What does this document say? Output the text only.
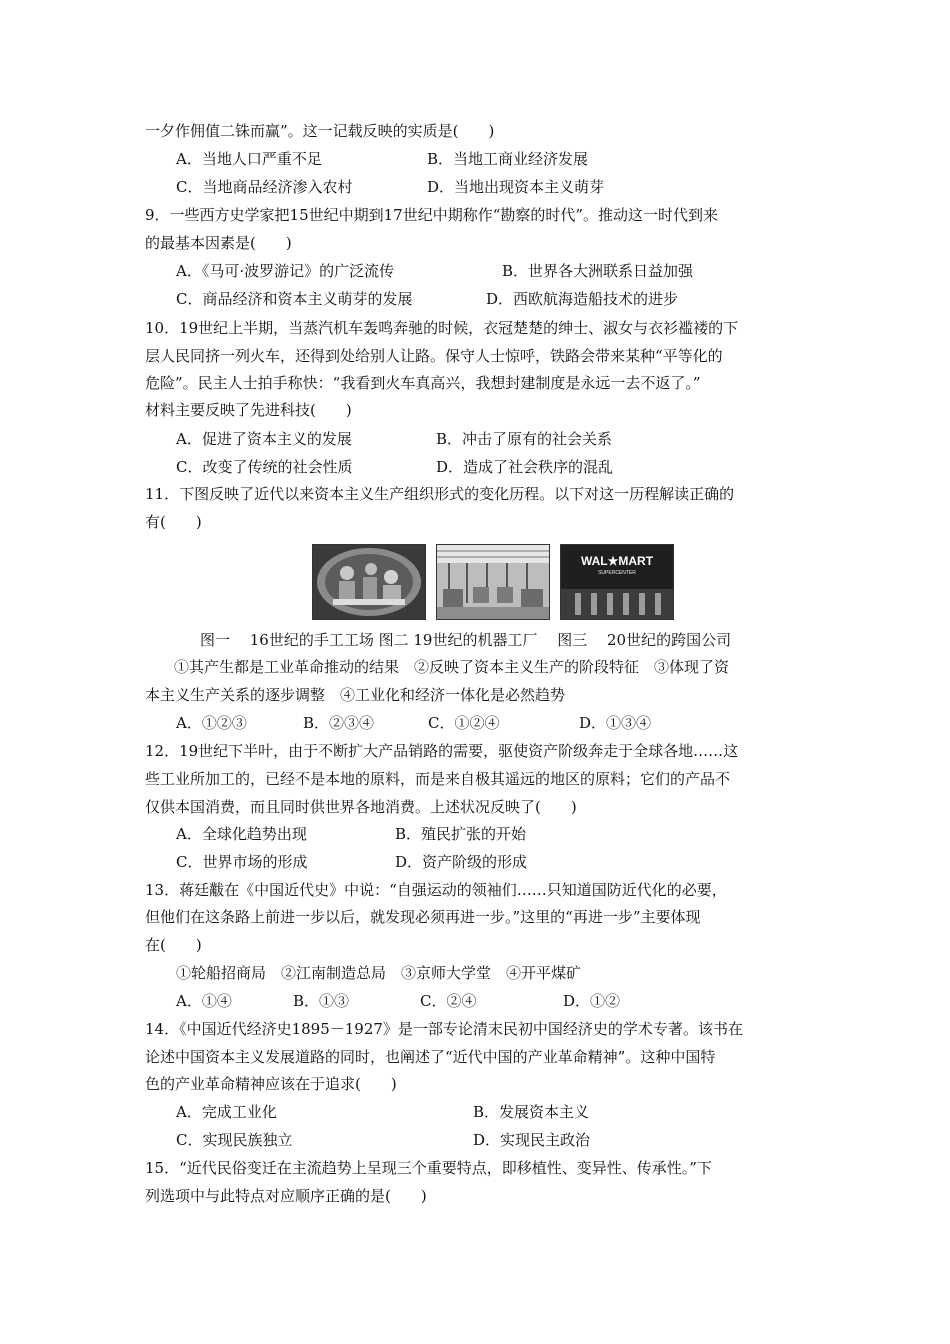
一夕作佣值二铢而赢”。这一记载反映的实质是(　　)
A．当地人口严重不足	B．当地工商业经济发展
C．当地商品经济渗入农村	D．当地出现资本主义萌芽
9．一些西方史学家把15世纪中期到17世纪中期称作“勘察的时代”。推动这一时代到来
的最基本因素是(　　)
A．《马可·波罗游记》的广泛流传	B．世界各大洲联系日益加强
C．商品经济和资本主义萌芽的发展	D．西欧航海造船技术的进步
10．19世纪上半期，当蒸汽机车轰鸣奔驰的时候，衣冠楚楚的绅士、淑女与衣衫褴褛的下
层人民同挤一列火车，还得到处给别人让路。保守人士惊呼，铁路会带来某种“平等化的
危险”。民主人士拍手称快：“我看到火车真高兴，我想封建制度是永远一去不返了。”
材料主要反映了先进科技(　　)
A．促进了资本主义的发展	B．冲击了原有的社会关系
C．改变了传统的社会性质	D．造成了社会秩序的混乱
11．下图反映了近代以来资本主义生产组织形式的变化历程。以下对这一历程解读正确的
有(　　)
WAL★MART
SUPERCENTER
图一　 16世纪的手工工场 图二 19世纪的机器工厂　 图三　 20世纪的跨国公司
①其产生都是工业革命推动的结果　②反映了资本主义生产的阶段特征　③体现了资
本主义生产关系的逐步调整　④工业化和经济一体化是必然趋势
A．①②③	B．②③④	C．①②④	D．①③④
12．19世纪下半叶，由于不断扩大产品销路的需要，驱使资产阶级奔走于全球各地……这
些工业所加工的，已经不是本地的原料，而是来自极其遥远的地区的原料；它们的产品不
仅供本国消费，而且同时供世界各地消费。上述状况反映了(　　)
A．全球化趋势出现	B．殖民扩张的开始
C．世界市场的形成	D．资产阶级的形成
13．蒋廷黻在《中国近代史》中说：“自强运动的领袖们……只知道国防近代化的必要，
但他们在这条路上前进一步以后，就发现必须再进一步。”这里的“再进一步”主要体现
在(　　)
①轮船招商局　②江南制造总局　③京师大学堂　④开平煤矿
A．①④	B．①③	C．②④	D．①②
14．《中国近代经济史1895－1927》是一部专论清末民初中国经济史的学术专著。该书在
论述中国资本主义发展道路的同时，也阐述了“近代中国的产业革命精神”。这种中国特
色的产业革命精神应该在于追求(　　)
A．完成工业化	B．发展资本主义
C．实现民族独立	D．实现民主政治
15．“近代民俗变迁在主流趋势上呈现三个重要特点，即移植性、变异性、传承性。”下
列选项中与此特点对应顺序正确的是(　　)
